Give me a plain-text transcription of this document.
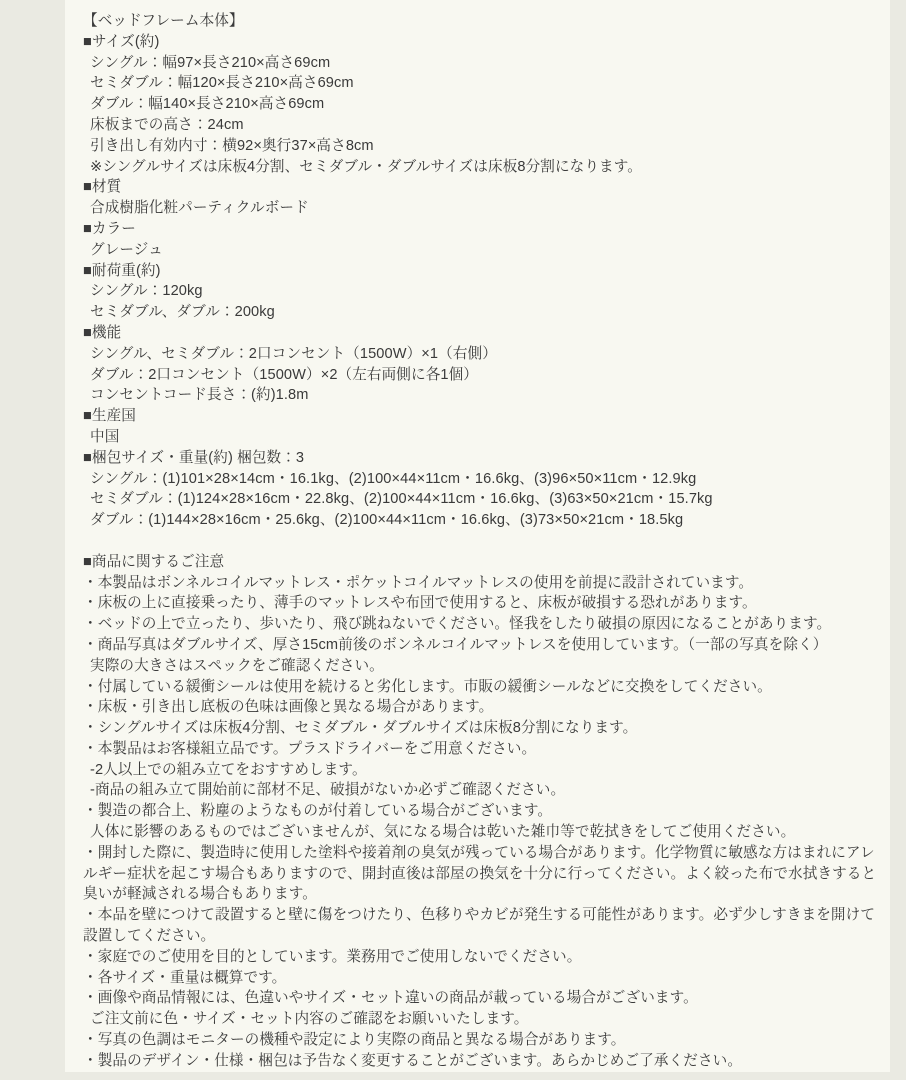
【ベッドフレーム本体】
■サイズ(約)
シングル：幅97×長さ210×高さ69cm
セミダブル：幅120×長さ210×高さ69cm
ダブル：幅140×長さ210×高さ69cm
床板までの高さ：24cm
引き出し有効内寸：横92×奥行37×高さ8cm
※シングルサイズは床板4分割、セミダブル・ダブルサイズは床板8分割になります。
■材質
合成樹脂化粧パーティクルボード
■カラー
グレージュ
■耐荷重(約)
シングル：120kg
セミダブル、ダブル：200kg
■機能
シングル、セミダブル：2口コンセント（1500W）×1（右側）
ダブル：2口コンセント（1500W）×2（左右両側に各1個）
コンセントコード長さ：(約)1.8m
■生産国
中国
■梱包サイズ・重量(約) 梱包数：3
シングル：(1)101×28×14cm・16.1kg、(2)100×44×11cm・16.6kg、(3)96×50×11cm・12.9kg
セミダブル：(1)124×28×16cm・22.8kg、(2)100×44×11cm・16.6kg、(3)63×50×21cm・15.7kg
ダブル：(1)144×28×16cm・25.6kg、(2)100×44×11cm・16.6kg、(3)73×50×21cm・18.5kg
■商品に関するご注意
・本製品はボンネルコイルマットレス・ポケットコイルマットレスの使用を前提に設計されています。
・床板の上に直接乗ったり、薄手のマットレスや布団で使用すると、床板が破損する恐れがあります。
・ベッドの上で立ったり、歩いたり、飛び跳ねないでください。怪我をしたり破損の原因になることがあります。
・商品写真はダブルサイズ、厚さ15cm前後のボンネルコイルマットレスを使用しています。（一部の写真を除く）
実際の大きさはスペックをご確認ください。
・付属している緩衝シールは使用を続けると劣化します。市販の緩衝シールなどに交換をしてください。
・床板・引き出し底板の色味は画像と異なる場合があります。
・シングルサイズは床板4分割、セミダブル・ダブルサイズは床板8分割になります。
・本製品はお客様組立品です。プラスドライバーをご用意ください。
-2人以上での組み立てをおすすめします。
-商品の組み立て開始前に部材不足、破損がないか必ずご確認ください。
・製造の都合上、粉塵のようなものが付着している場合がございます。
人体に影響のあるものではございませんが、気になる場合は乾いた雑巾等で乾拭きをしてご使用ください。
・開封した際に、製造時に使用した塗料や接着剤の臭気が残っている場合があります。化学物質に敏感な方はまれにアレ
ルギー症状を起こす場合もありますので、開封直後は部屋の換気を十分に行ってください。よく絞った布で水拭きすると
臭いが軽減される場合もあります。
・本品を壁につけて設置すると壁に傷をつけたり、色移りやカビが発生する可能性があります。必ず少しすきまを開けて
設置してください。
・家庭でのご使用を目的としています。業務用でご使用しないでください。
・各サイズ・重量は概算です。
・画像や商品情報には、色違いやサイズ・セット違いの商品が載っている場合がございます。
ご注文前に色・サイズ・セット内容のご確認をお願いいたします。
・写真の色調はモニターの機種や設定により実際の商品と異なる場合があります。
・製品のデザイン・仕様・梱包は予告なく変更することがございます。あらかじめご了承ください。
